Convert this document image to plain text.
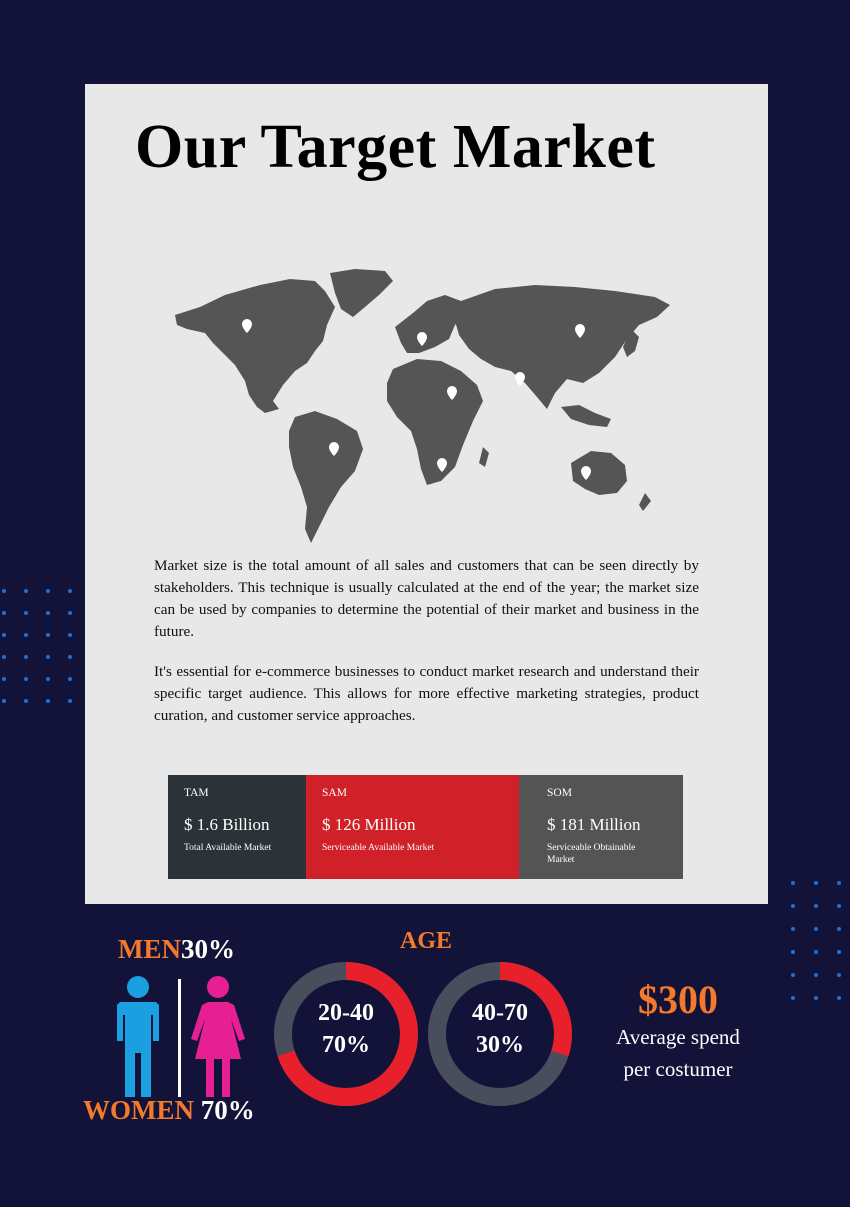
Our Target Market

Market size is the total amount of all sales and customers that can be seen directly by stakeholders. This technique is usually calculated at the end of the year; the market size can be used by companies to determine the potential of their market and business in the future.

It's essential for e-commerce businesses to conduct market research and understand their specific target audience. This allows for more effective marketing strategies, product curation, and customer service approaches.

TAM
$ 1.6 Billion
Total Available Market
SAM
$ 126 Million
Serviceable Available Market
SOM
$ 181 Million
Serviceable Obtainable Market
MEN30%
WOMEN 70%
AGE
20-40
70%
40-70
30%
$300
Average spend
per costumer
